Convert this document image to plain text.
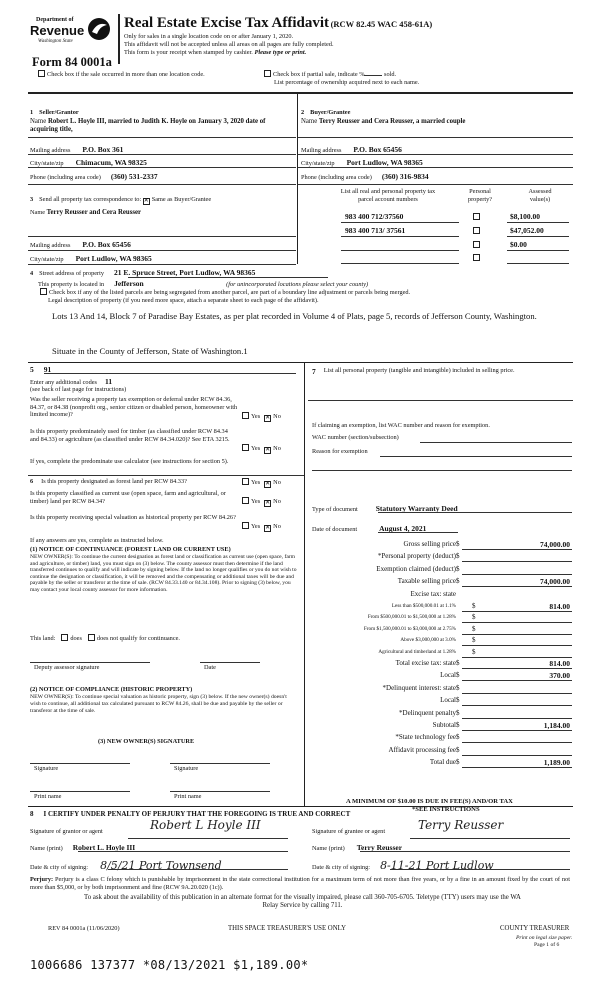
Department of
Revenue
Washington State
Form 84 0001a
Real Estate Excise Tax Affidavit (RCW 82.45 WAC 458-61A)
Only for sales in a single location code on or after January 1, 2020.
This affidavit will not be accepted unless all areas on all pages are fully completed.
This form is your receipt when stamped by cashier. Please type or print.
Check box if the sale occurred in more than one location code.	Check box if partial sale, indicate %	sold.
List percentage of ownership acquired next to each name.
1 Seller/Grantor
Name Robert L. Hoyle III, married to Judith K. Hoyle on January 3, 2020 date of acquiring title,
Mailing address P.O. Box 361
City/state/zip Chimacum, WA 98325
Phone (including area code) (360) 531-2337
2 Buyer/Grantee
Name Terry Reusser and Cera Reusser, a married couple
Mailing address P.O. Box 65456
City/state/zip Port Ludlow, WA 98365
Phone (including area code) (360) 316-9834
3 Send all property tax correspondence to: ✕ Same as Buyer/Grantee
Name Terry Reusser and Cera Reusser
Mailing address P.O. Box 65456
City/state/zip Port Ludlow, WA 98365
List all real and personal property tax
parcel account numbers
Personal
property?
Assessed
value(s)
983 400 712/37560	$8,100.00
983 400 713/ 37561	$47,052.00
$0.00
4 Street address of property 21 E. Spruce Street, Port Ludlow, WA 98365
This property is located in Jefferson	(for unincorporated locations please select your county)
Check box if any of the listed parcels are being segregated from another parcel, are part of a boundary line adjustment or parcels being merged.
Legal description of property (if you need more space, attach a separate sheet to each page of the affidavit).
Lots 13 And 14, Block 7 of Paradise Bay Estates, as per plat recorded in Volume 4 of Plats, page 5, records of Jefferson County, Washington.
Situate in the County of Jefferson, State of Washington.1
5 91
Enter any additional codes 11
(see back of last page for instructions)
Was the seller receiving a property tax exemption or deferral under RCW 84.36, 84.37, or 84.38 (nonprofit org., senior citizen or disabled person, homeowner with limited income)?	Yes ✕ No
Is this property predominately used for timber (as classified under RCW 84.34 and 84.33) or agriculture (as classified under RCW 84.34.020)? See ETA 3215.
Yes ✕ No
If yes, complete the predominate use calculator (see instructions for section 5).
6 Is this property designated as forest land per RCW 84.33?	Yes ✕ No
Is this property classified as current use (open space, farm and agricultural, or timber) land per RCW 84.34?	Yes ✕ No
Is this property receiving special valuation as historical property per RCW 84.26?
Yes ✕ No
If any answers are yes, complete as instructed below.
(1) NOTICE OF CONTINUANCE (FOREST LAND OR CURRENT USE)
NEW OWNER(S): To continue the current designation as forest land or classification as current use (open space, farm and agriculture, or timber) land, you must sign on (3) below. The county assessor must then determine if the land transferred continues to qualify and will indicate by signing below. If the land no longer qualifies or you do not wish to continue the designation or classification, it will be removed and the compensating or additional taxes will be due and payable by the seller or transferor at the time of sale. (RCW 84.33.140 or 84.34.108). Prior to signing (3) below, you may contact your local county assessor for more information.
This land: does does not qualify for continuance.
Deputy assessor signature	Date
(2) NOTICE OF COMPLIANCE (HISTORIC PROPERTY)
NEW OWNER(S): To continue special valuation as historic property, sign (3) below. If the new owner(s) doesn't wish to continue, all additional tax calculated pursuant to RCW 84.26, shall be due and payable by the seller or transferor at the time of sale.
(3) NEW OWNER(S) SIGNATURE
Signature	Signature
Print name	Print name
7 List all personal property (tangible and intangible) included in selling price.
If claiming an exemption, list WAC number and reason for exemption.
WAC number (section/subsection)
Reason for exemption
Type of document Statutory Warranty Deed
Date of document	August 4, 2021
Gross selling price $	74,000.00
*Personal property (deduct) $
Exemption claimed (deduct) $
Taxable selling price $	74,000.00
Excise tax: state
Less than $500,000.01 at 1.1% $	814.00
From $500,000.01 to $1,500,000 at 1.28% $
From $1,500,000.01 to $3,000,000 at 2.75% $
Above $3,000,000 at 3.0% $
Agricultural and timberland at 1.28% $
Total excise tax: state $	814.00
Local $	370.00
*Delinquent interest: state $
Local $
*Delinquent penalty $
Subtotal $	1,184.00
*State technology fee $
Affidavit processing fee $
Total due $	1,189.00
A MINIMUM OF $10.00 IS DUE IN FEE(S) AND/OR TAX
*SEE INSTRUCTIONS
8 I CERTIFY UNDER PENALTY OF PERJURY THAT THE FOREGOING IS TRUE AND CORRECT
Signature of grantor or agent	Robert L Hoyle III	Signature of grantee or agent	Terry Reusser
Name (print) Robert L. Hoyle III	Name (print) Terry Reusser
Date & city of signing: 8/5/21 Port Townsend	Date & city of signing: 8-11-21 Port Ludlow
Perjury: Perjury is a class C felony which is punishable by imprisonment in the state correctional institution for a maximum term of not more than five years, or by a fine in an amount fixed by the court of not more than $5,000, or by both imprisonment and fine (RCW 9A.20.020 (1c)).
To ask about the availability of this publication in an alternate format for the visually impaired, please call 360-705-6705. Teletype (TTY) users may use the WA Relay Service by calling 711.
REV 84 0001a (11/06/2020)	THIS SPACE TREASURER'S USE ONLY	COUNTY TREASURER
Print on legal size paper.
Page 1 of 6
1006686 137377 *08/13/2021 $1,189.00*
